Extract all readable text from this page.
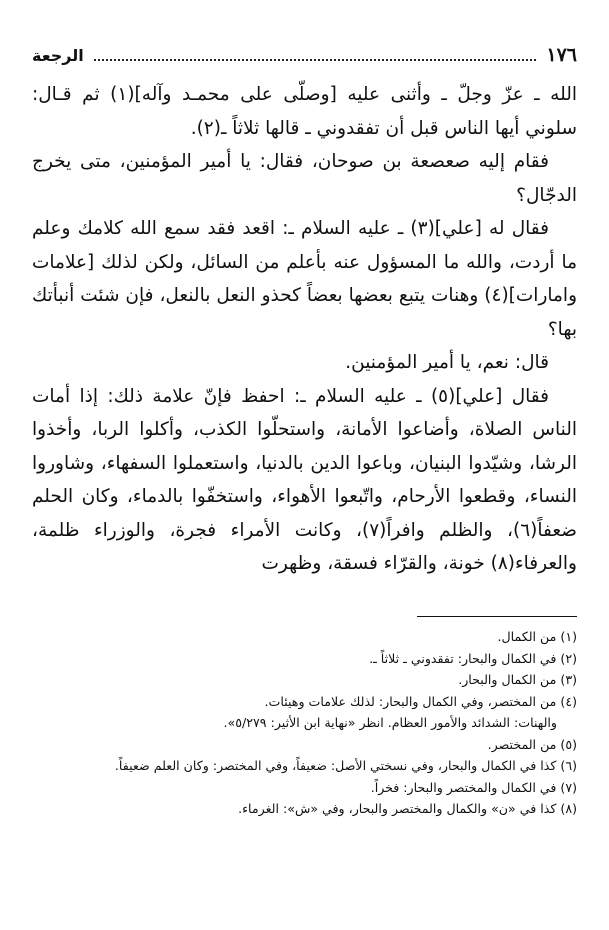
١٧٦
الرجعة

الله ـ عزّ وجلّ ـ وأثنى عليه [وصلّى على محمـد وآله](١) ثم قـال: سلوني أيها الناس قبل أن تفقدوني ـ قالها ثلاثاً ـ(٢).

فقام إليه صعصعة بن صوحان، فقال: يا أمير المؤمنين، متى يخرج الدجّال؟

فقال له [علي](٣) ـ عليه السلام ـ: اقعد فقد سمع الله كلامك وعلم ما أردت، والله ما المسؤول عنه بأعلم من السائل، ولكن لذلك [علامات وامارات](٤) وهنات يتبع بعضها بعضاً كحذو النعل بالنعل، فإن شئت أنبأتك بها؟

قال: نعم، يا أمير المؤمنين.

فقال [علي](٥) ـ عليه السلام ـ: احفظ فإنّ علامة ذلك: إذا أمات الناس الصلاة، وأضاعوا الأمانة، واستحلّوا الكذب، وأكلوا الربا، وأخذوا الرشا، وشيّدوا البنيان، وباعوا الدين بالدنيا، واستعملوا السفهاء، وشاوروا النساء، وقطعوا الأرحام، واتّبعوا الأهواء، واستخفّوا بالدماء، وكان الحلم ضعفاً(٦)، والظلم وافراً(٧)، وكانت الأمراء فجرة، والوزراء ظلمة، والعرفاء(٨) خونة، والقرّاء فسقة، وظهرت

(١) من الكمال.

(٢) في الكمال والبحار: تفقدوني ـ ثلاثاً ـ.

(٣) من الكمال والبحار.

(٤) من المختصر، وفي الكمال والبحار: لذلك علامات وهيئات.

والهنات: الشدائد والأمور العظام. انظر «نهاية ابن الأثير: ٥/٢٧٩».

(٥) من المختصر.

(٦) كذا في الكمال والبحار، وفي نسختي الأصل: ضعيفاً، وفي المختصر: وكان العلم ضعيفاً.

(٧) في الكمال والمختصر والبحار: فخراً.

(٨) كذا في «ن» والكمال والمختصر والبحار، وفي «ش»: الغرماء.
